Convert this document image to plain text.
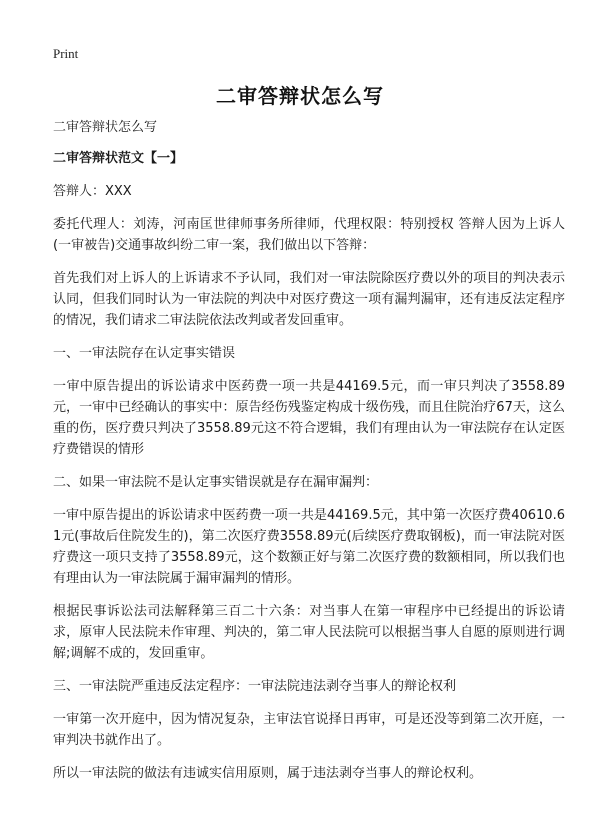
Print
二审答辩状怎么写

二审答辩状怎么写

二审答辩状范文【一】

答辩人：XXX

委托代理人：刘涛，河南匡世律师事务所律师，代理权限：特别授权 答辩人因为上诉人(一审被告)交通事故纠纷二审一案，我们做出以下答辩：

首先我们对上诉人的上诉请求不予认同，我们对一审法院除医疗费以外的项目的判决表示认同，但我们同时认为一审法院的判决中对医疗费这一项有漏判漏审，还有违反法定程序的情况，我们请求二审法院依法改判或者发回重审。

一、一审法院存在认定事实错误

一审中原告提出的诉讼请求中医药费一项一共是44169.5元，而一审只判决了3558.89元，一审中已经确认的事实中：原告经伤残鉴定构成十级伤残，而且住院治疗67天，这么重的伤，医疗费只判决了3558.89元这不符合逻辑，我们有理由认为一审法院存在认定医疗费错误的情形

二、如果一审法院不是认定事实错误就是存在漏审漏判：

一审中原告提出的诉讼请求中医药费一项一共是44169.5元，其中第一次医疗费40610.61元(事故后住院发生的)，第二次医疗费3558.89元(后续医疗费取钢板)，而一审法院对医疗费这一项只支持了3558.89元，这个数额正好与第二次医疗费的数额相同，所以我们也有理由认为一审法院属于漏审漏判的情形。

根据民事诉讼法司法解释第三百二十六条：对当事人在第一审程序中已经提出的诉讼请求，原审人民法院未作审理、判决的，第二审人民法院可以根据当事人自愿的原则进行调解;调解不成的，发回重审。

三、一审法院严重违反法定程序：一审法院违法剥夺当事人的辩论权利

一审第一次开庭中，因为情况复杂，主审法官说择日再审，可是还没等到第二次开庭，一审判决书就作出了。

所以一审法院的做法有违诚实信用原则，属于违法剥夺当事人的辩论权利。
